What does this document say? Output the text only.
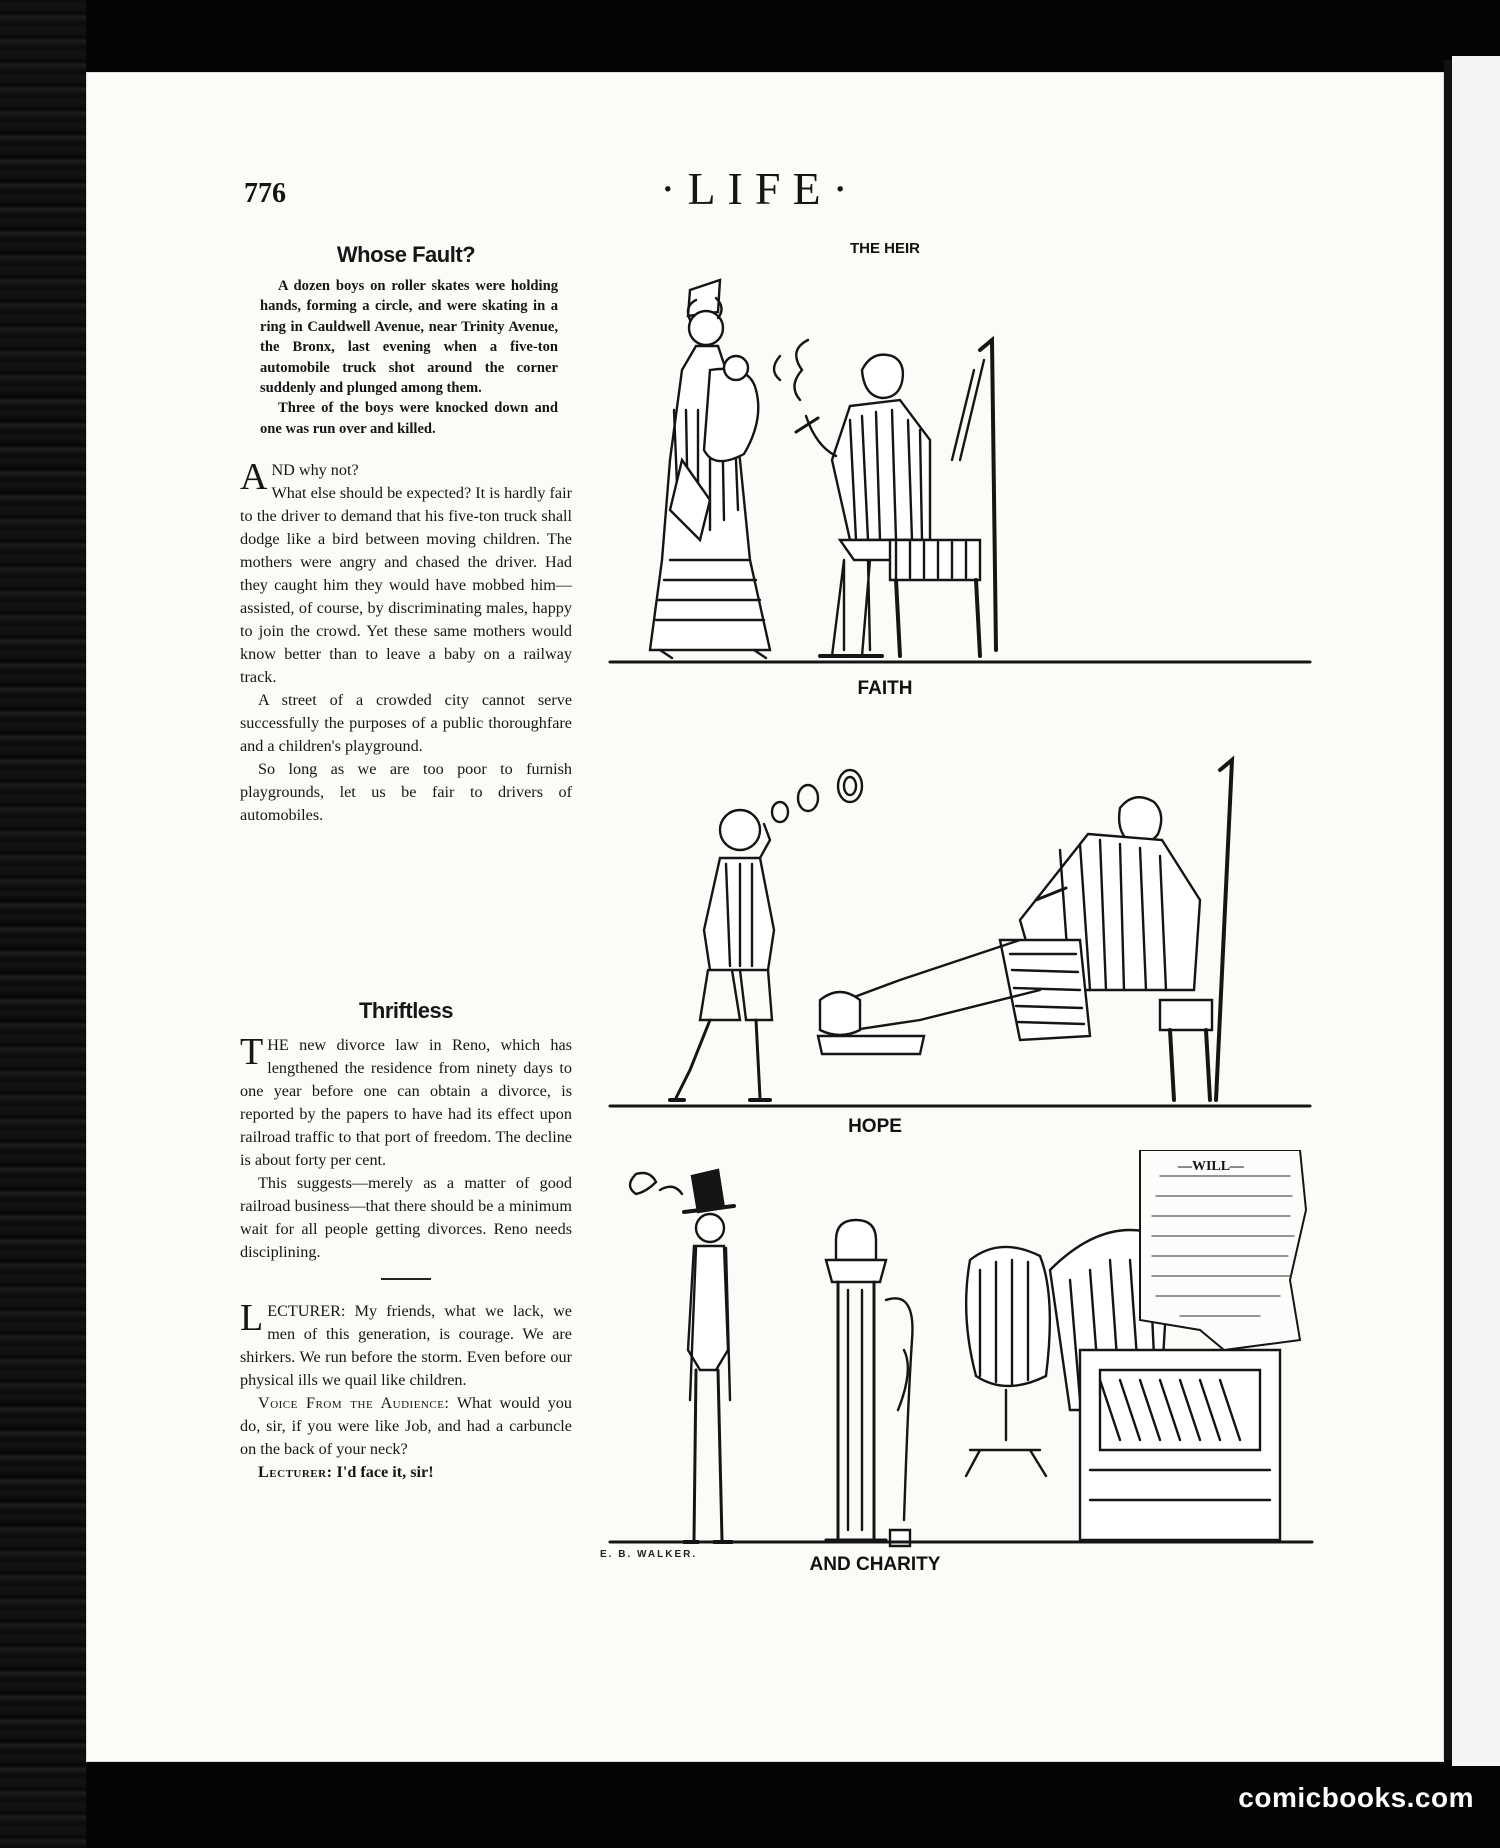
776	·LIFE·
Whose Fault?

A dozen boys on roller skates were holding hands, forming a circle, and were skating in a ring in Cauldwell Avenue, near Trinity Avenue, the Bronx, last evening when a five-ton automobile truck shot around the corner suddenly and plunged among them.

Three of the boys were knocked down and one was run over and killed.

A ND why not?

What else should be expected? It is hardly fair to the driver to demand that his five-ton truck shall dodge like a bird between moving children. The mothers were angry and chased the driver. Had they caught him they would have mobbed him—assisted, of course, by discriminating males, happy to join the crowd. Yet these same mothers would know better than to leave a baby on a railway track.

A street of a crowded city cannot serve successfully the purposes of a public thoroughfare and a children's playground.

So long as we are too poor to furnish playgrounds, let us be fair to drivers of automobiles.

Thriftless
T HE new divorce law in Reno, which has lengthened the residence from ninety days to one year before one can obtain a divorce, is reported by the papers to have had its effect upon railroad traffic to that port of freedom. The decline is about forty per cent.

This suggests—merely as a matter of good railroad business—that there should be a minimum wait for all people getting divorces. Reno needs disciplining.

L ECTURER: My friends, what we lack, we men of this generation, is courage. We are shirkers. We run before the storm. Even before our physical ills we quail like children.

Voice From the Audience: What would you do, sir, if you were like Job, and had a carbuncle on the back of your neck?

Lecturer: I'd face it, sir!

THE HEIR
FAITH
HOPE
AND CHARITY
—WILL—
E. B. WALKER.
comicbooks.com
